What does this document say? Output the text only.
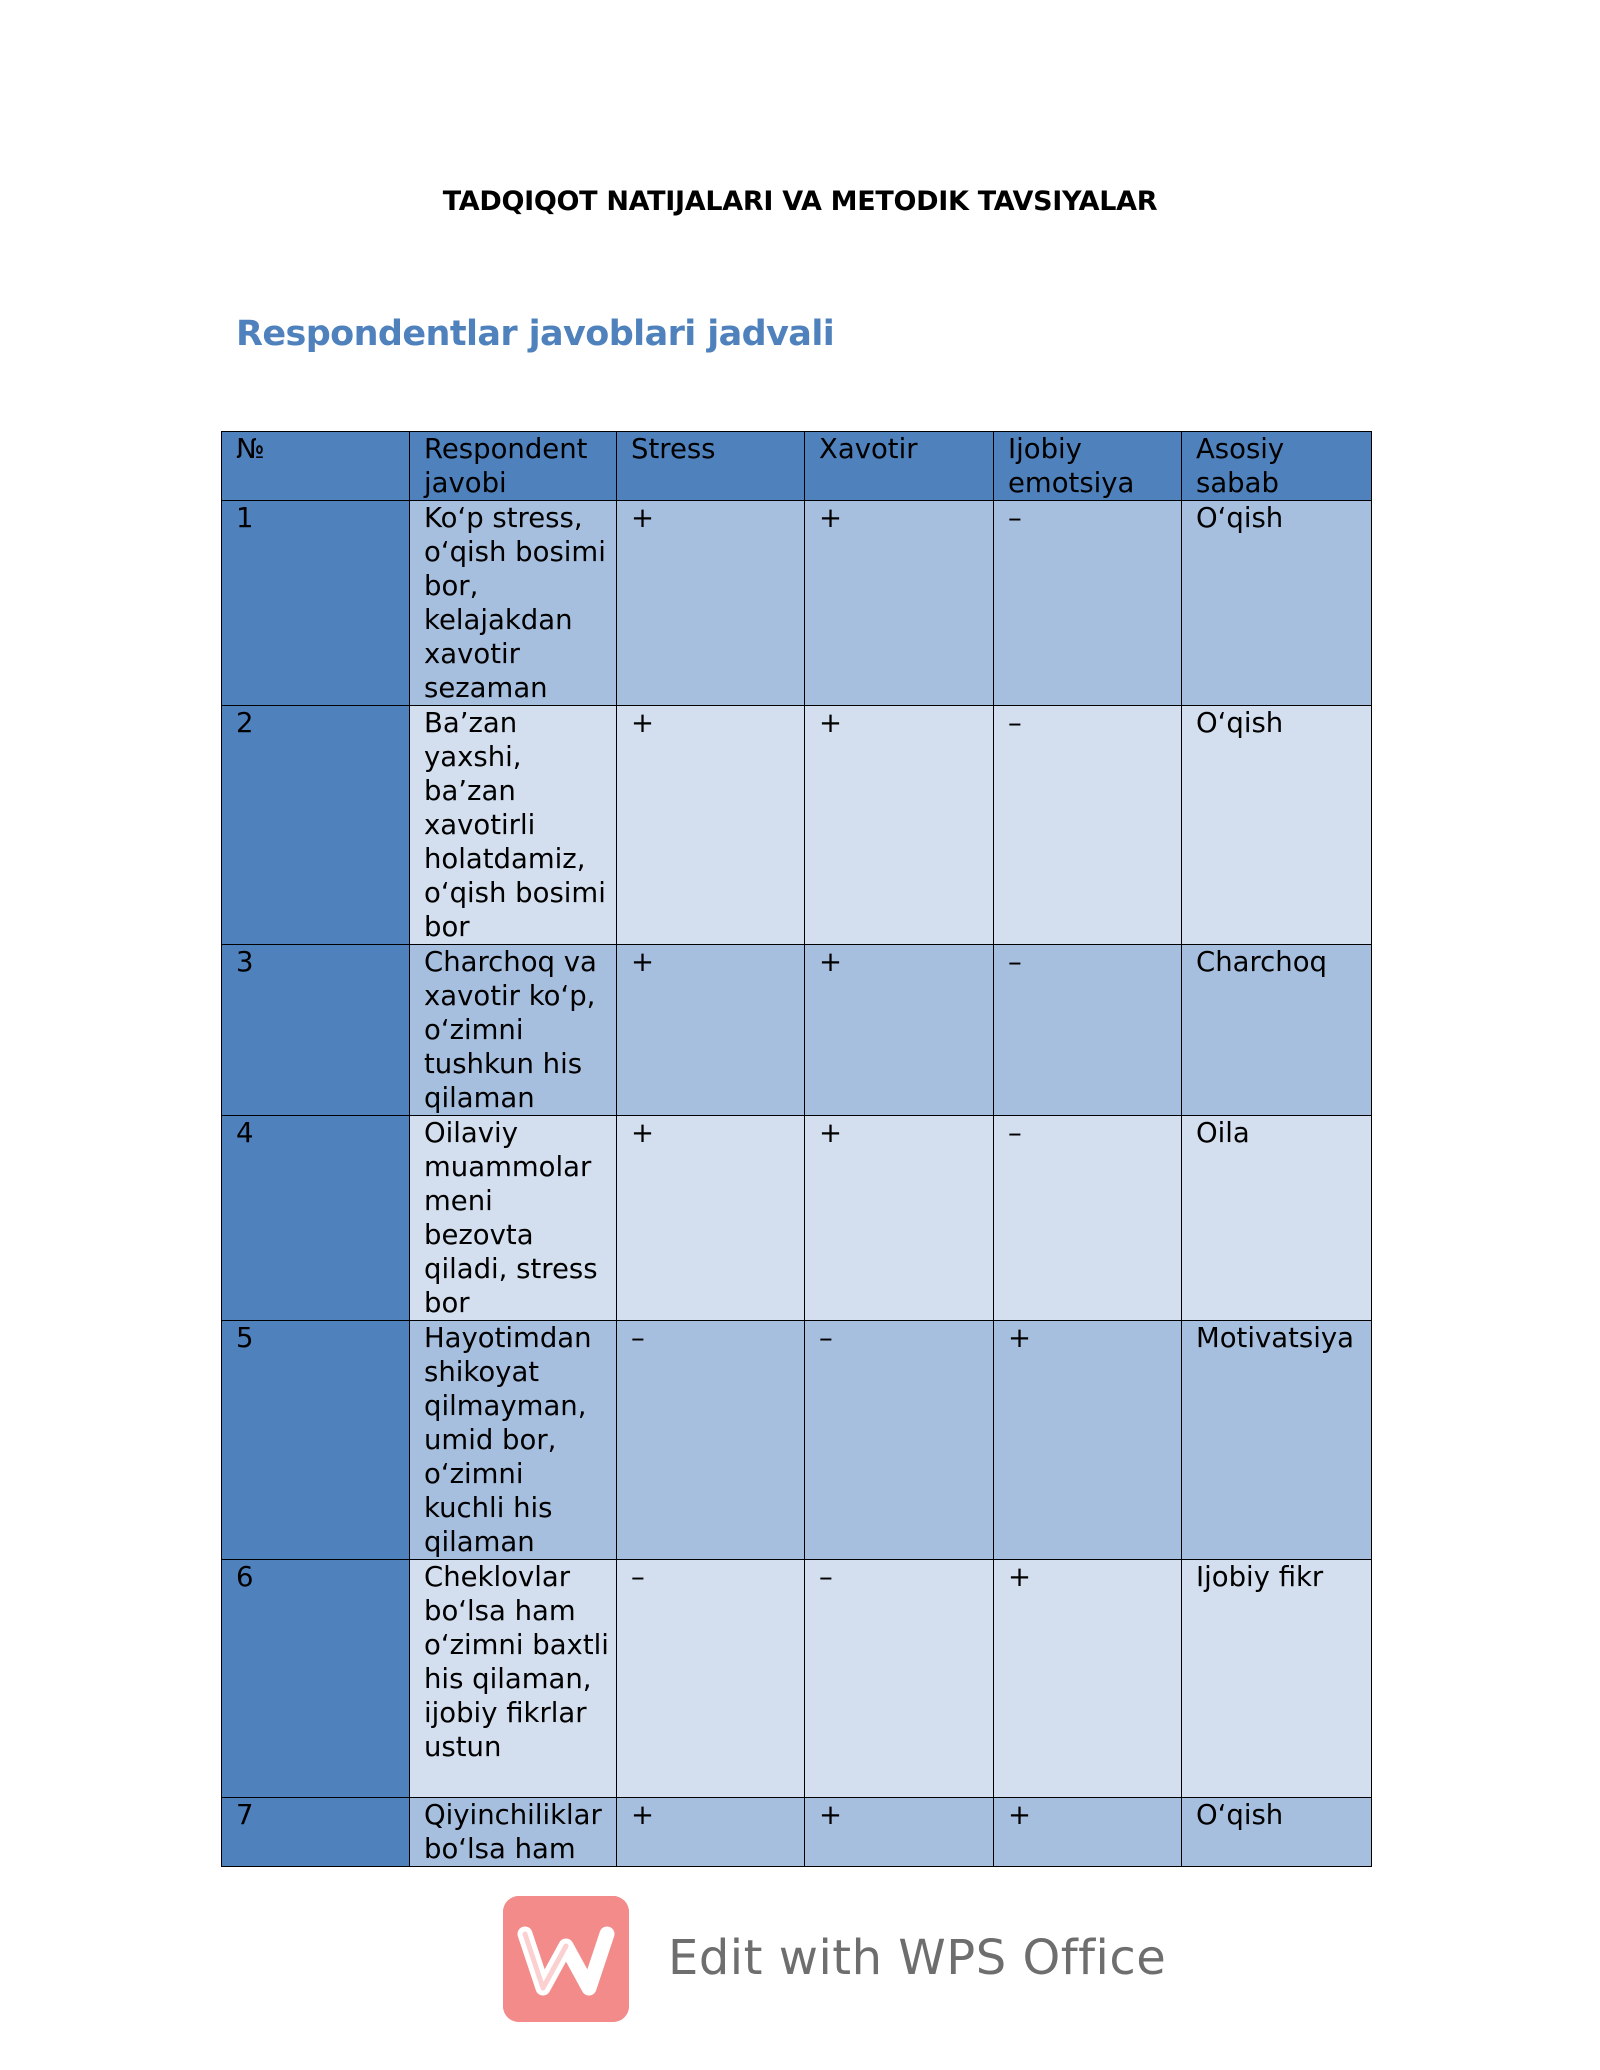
TADQIQOT NATIJALARI VA METODIK TAVSIYALAR
Respondentlar javoblari jadvali
№	Respondent javobi	Stress	Xavotir	Ijobiy emotsiya	Asosiy sabab
1	Ko‘p stress, o‘qish bosimi bor, kelajakdan xavotir sezaman	+	+	–	O‘qish
2	Ba’zan yaxshi, ba’zan xavotirli holatdamiz, o‘qish bosimi bor	+	+	–	O‘qish
3	Charchoq va xavotir ko‘p, o‘zimni tushkun his qilaman	+	+	–	Charchoq
4	Oilaviy muammolar meni bezovta qiladi, stress bor	+	+	–	Oila
5	Hayotimdan shikoyat qilmayman, umid bor, o‘zimni kuchli his qilaman	–	–	+	Motivatsiya
6	Cheklovlar bo‘lsa ham o‘zimni baxtli his qilaman, ijobiy fikrlar ustun	–	–	+	Ijobiy fikr
7	Qiyinchiliklar bo‘lsa ham	+	+	+	O‘qish
Edit with WPS Office
